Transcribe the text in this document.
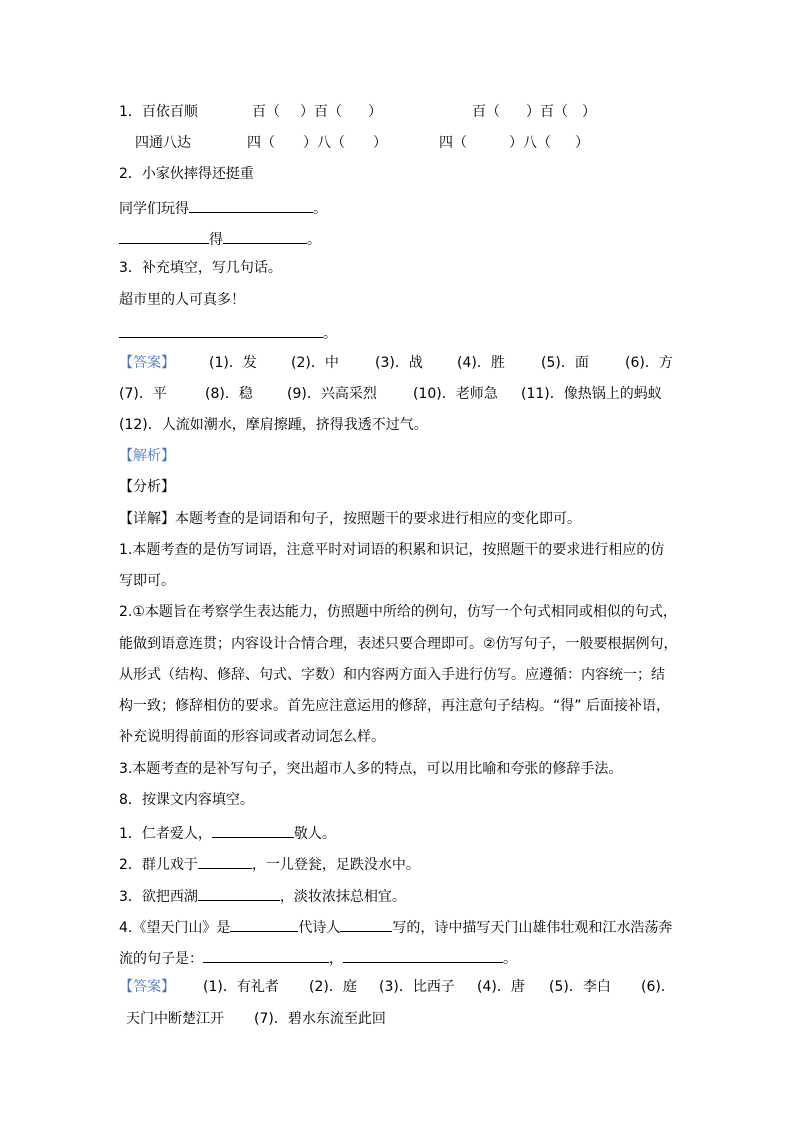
1．百依百顺	百（ ）百（ ）	百（ ）百（ ）
四通八达	四（ ）八（ ）	四（	）八（ ）
2．小家伙摔得还挺重
同学们玩得	。
得	。
3．补充填空，写几句话。
超市里的人可真多！
。
【答案】 (1)．发 (2)．中	(3)．战 (4)．胜	(5)．面	(6)．方
(7)．平	(8)．稳 (9)．兴高采烈	(10)．老师急 (11)．像热锅上的蚂蚁
(12)．人流如潮水，摩肩擦踵，挤得我透不过气。
【解析】
【分析】
【详解】本题考查的是词语和句子，按照题干的要求进行相应的变化即可。
1.本题考查的是仿写词语，注意平时对词语的积累和识记，按照题干的要求进行相应的仿
写即可。
2.①本题旨在考察学生表达能力，仿照题中所给的例句，仿写一个句式相同或相似的句式，
能做到语意连贯；内容设计合情合理，表述只要合理即可。②仿写句子，一般要根据例句，
从形式（结构、修辞、句式、字数）和内容两方面入手进行仿写。应遵循：内容统一；结
构一致；修辞相仿的要求。首先应注意运用的修辞，再注意句子结构。“得” 后面接补语，
补充说明得前面的形容词或者动词怎么样。
3.本题考查的是补写句子，突出超市人多的特点，可以用比喻和夸张的修辞手法。
8．按课文内容填空。
1．仁者爱人，	敬人。
2．群儿戏于	，一儿登瓮，足跌没水中。
3．欲把西湖	，淡妆浓抹总相宜。
4.《望天门山》是	代诗人	写的，诗中描写天门山雄伟壮观和江水浩荡奔
流的句子是：	，	。
【答案】 (1)．有礼者 (2)．庭 (3)．比西子 (4)．唐 (5)．李白 (6)．
天门中断楚江开 (7)．碧水东流至此回
